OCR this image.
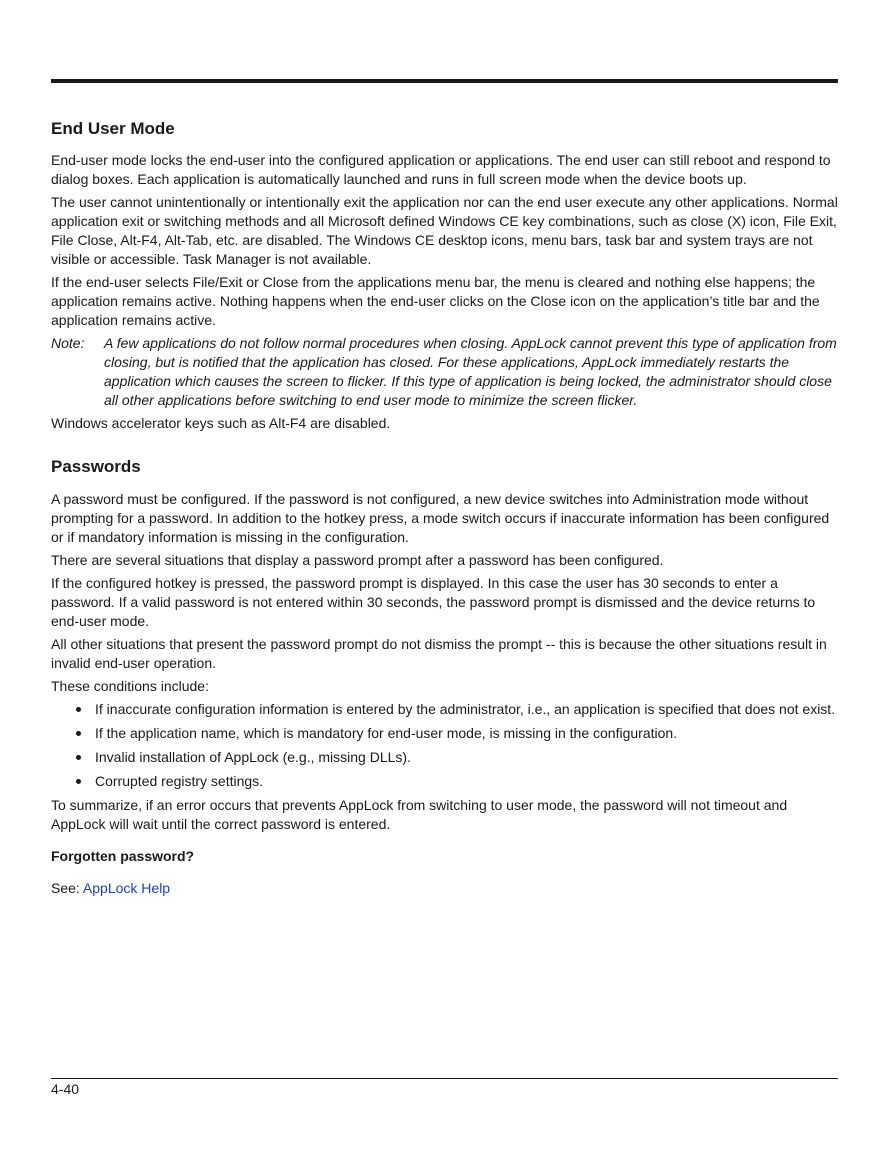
End User Mode

End-user mode locks the end-user into the configured application or applications. The end user can still reboot and respond to dialog boxes. Each application is automatically launched and runs in full screen mode when the device boots up.

The user cannot unintentionally or intentionally exit the application nor can the end user execute any other applications. Normal application exit or switching methods and all Microsoft defined Windows CE key combinations, such as close (X) icon, File Exit, File Close, Alt-F4, Alt-Tab, etc. are disabled. The Windows CE desktop icons, menu bars, task bar and system trays are not visible or accessible. Task Manager is not available.

If the end-user selects File/Exit or Close from the applications menu bar, the menu is cleared and nothing else happens; the application remains active. Nothing happens when the end-user clicks on the Close icon on the application’s title bar and the application remains active.

Note:	A few applications do not follow normal procedures when closing. AppLock cannot prevent this type of application from closing, but is notified that the application has closed. For these applications, AppLock immediately restarts the application which causes the screen to flicker. If this type of application is being locked, the administrator should close all other applications before switching to end user mode to minimize the screen flicker.

Windows accelerator keys such as Alt-F4 are disabled.

Passwords

A password must be configured. If the password is not configured, a new device switches into Administration mode without prompting for a password. In addition to the hotkey press, a mode switch occurs if inaccurate information has been configured or if mandatory information is missing in the configuration.

There are several situations that display a password prompt after a password has been configured.

If the configured hotkey is pressed, the password prompt is displayed. In this case the user has 30 seconds to enter a password. If a valid password is not entered within 30 seconds, the password prompt is dismissed and the device returns to end-user mode.

All other situations that present the password prompt do not dismiss the prompt -- this is because the other situations result in invalid end-user operation.

These conditions include:

If inaccurate configuration information is entered by the administrator, i.e., an application is specified that does not exist.
If the application name, which is mandatory for end-user mode, is missing in the configuration.
Invalid installation of AppLock (e.g., missing DLLs).
Corrupted registry settings.

To summarize, if an error occurs that prevents AppLock from switching to user mode, the password will not timeout and AppLock will wait until the correct password is entered.

Forgotten password?

See: AppLock Help

4-40
